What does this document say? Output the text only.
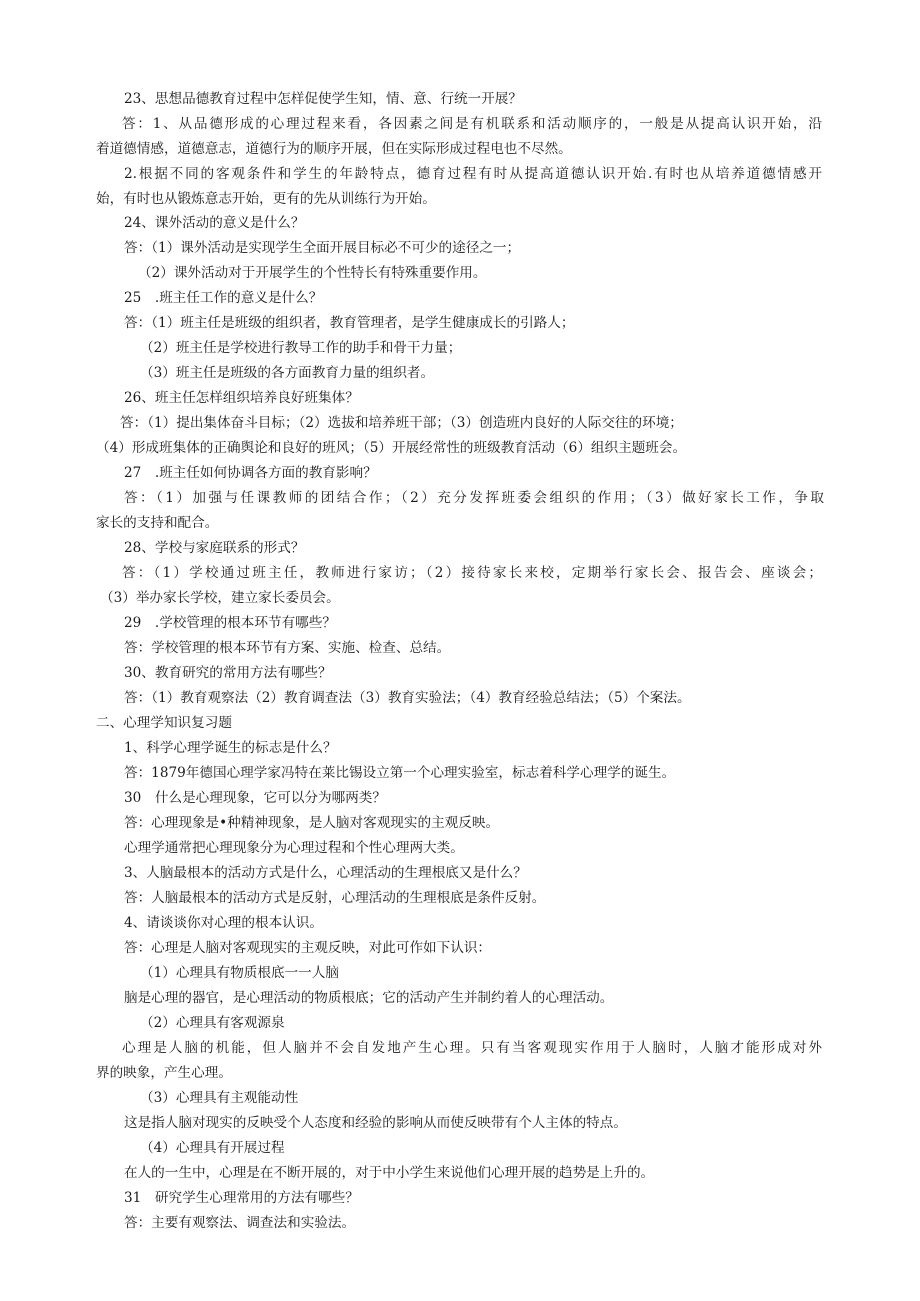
23、思想品德教育过程中怎样促使学生知，情、意、行统一开展？
答：1、从品德形成的心理过程来看，各因素之间是有机联系和活动顺序的，一般是从提高认识开始，沿
着道德情感，道德意志，道德行为的顺序开展，但在实际形成过程电也不尽然。
2.根据不同的客观条件和学生的年龄特点，德育过程有时从提高道德认识开始.有时也从培养道德情感开
始，有时也从锻炼意志开始，更有的先从训练行为开始。
24、课外活动的意义是什么？
答：（1）课外活动是实现学生全面开展目标必不可少的途径之一；
（2）课外活动对于开展学生的个性特长有特殊重要作用。
25　.班主任工作的意义是什么？
答：（1）班主任是班级的组织者，教育管理者，是学生健康成长的引路人；
（2）班主任是学校进行教导工作的助手和骨干力量；
（3）班主任是班级的各方面教育力量的组织者。
26、班主任怎样组织培养良好班集体？
答：（1）提出集体奋斗目标；（2）选拔和培养班干部；（3）创造班内良好的人际交往的环境；
（4）形成班集体的正确舆论和良好的班风；（5）开展经常性的班级教育活动（6）组织主题班会。
27　.班主任如何协调各方面的教育影响？
答：（1）加强与任课教师的团结合作；（2）充分发挥班委会组织的作用；（3）做好家长工作，争取
家长的支持和配合。
28、学校与家庭联系的形式？
答：（1）学校通过班主任，教师进行家访；（2）接待家长来校，定期举行家长会、报告会、座谈会；
（3）举办家长学校，建立家长委员会。
29　.学校管理的根本环节有哪些？
答：学校管理的根本环节有方案、实施、检查、总结。
30、教育研究的常用方法有哪些？
答：（1）教育观察法（2）教育调查法（3）教育实验法；（4）教育经验总结法；（5）个案法。
二、心理学知识复习题
1、科学心理学诞生的标志是什么？
答：1879年德国心理学家冯特在莱比锡设立第一个心理实验室，标志着科学心理学的诞生。
30　什么是心理现象，它可以分为哪两类？
答：心理现象是•种精神现象，是人脑对客观现实的主观反映。
心理学通常把心理现象分为心理过程和个性心理两大类。
3、人脑最根本的活动方式是什么，心理活动的生理根底又是什么？
答：人脑最根本的活动方式是反射，心理活动的生理根底是条件反射。
4、请谈谈你对心理的根本认识。
答：心理是人脑对客观现实的主观反映，对此可作如下认识：
（1）心理具有物质根底一一人脑
脑是心理的器官，是心理活动的物质根底；它的活动产生并制约着人的心理活动。
（2）心理具有客观源泉
心理是人脑的机能，但人脑并不会自发地产生心理。只有当客观现实作用于人脑时，人脑才能形成对外
界的映象，产生心理。
（3）心理具有主观能动性
这是指人脑对现实的反映受个人态度和经验的影响从而使反映带有个人主体的特点。
（4）心理具有开展过程
在人的一生中，心理是在不断开展的，对于中小学生来说他们心理开展的趋势是上升的。
31　研究学生心理常用的方法有哪些？
答：主要有观察法、调查法和实验法。
